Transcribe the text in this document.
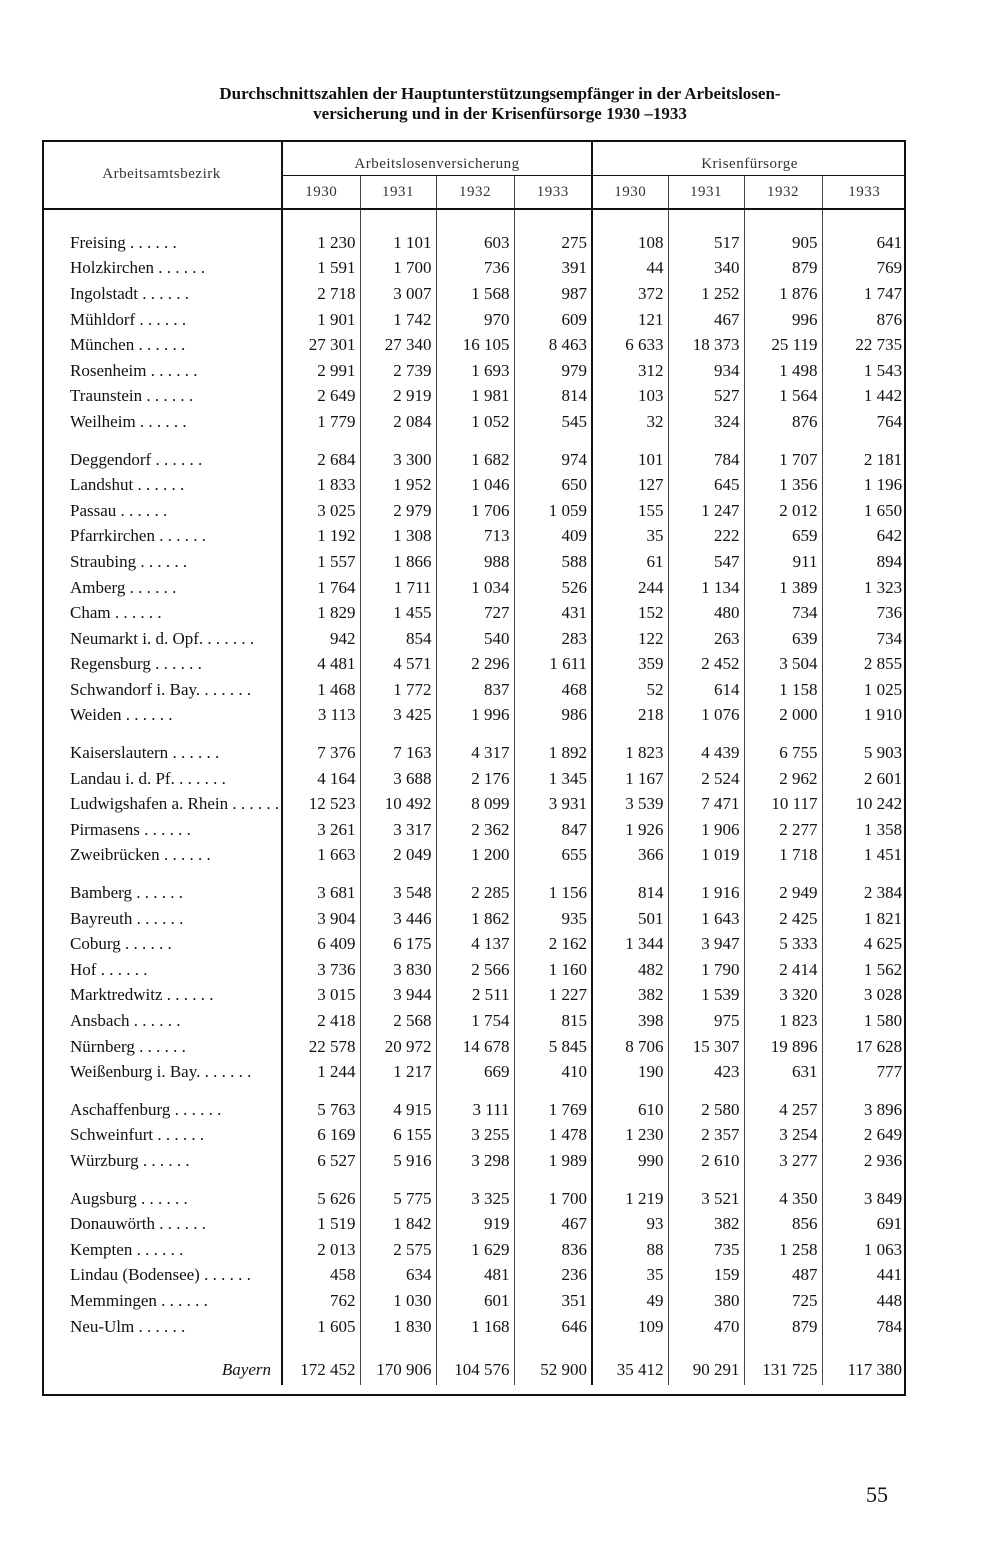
Durchschnittszahlen der Hauptunterstützungsempfänger in der Arbeitslosen-
versicherung und in der Krisenfürsorge 1930 –1933
Arbeitsamtsbezirk	Arbeitslosenversicherung				Krisenfürsorge			
	1930	1931	1932	1933	1930	1931	1932	1933

Freising . . . . . .	1 230	1 101	603	275	108	517	905	641
Holzkirchen . . . . . .	1 591	1 700	736	391	44	340	879	769
Ingolstadt . . . . . .	2 718	3 007	1 568	987	372	1 252	1 876	1 747
Mühldorf . . . . . .	1 901	1 742	970	609	121	467	996	876
München . . . . . .	27 301	27 340	16 105	8 463	6 633	18 373	25 119	22 735
Rosenheim . . . . . .	2 991	2 739	1 693	979	312	934	1 498	1 543
Traunstein . . . . . .	2 649	2 919	1 981	814	103	527	1 564	1 442
Weilheim . . . . . .	1 779	2 084	1 052	545	32	324	876	764

Deggendorf . . . . . .	2 684	3 300	1 682	974	101	784	1 707	2 181
Landshut . . . . . .	1 833	1 952	1 046	650	127	645	1 356	1 196
Passau . . . . . .	3 025	2 979	1 706	1 059	155	1 247	2 012	1 650
Pfarrkirchen . . . . . .	1 192	1 308	713	409	35	222	659	642
Straubing . . . . . .	1 557	1 866	988	588	61	547	911	894
Amberg . . . . . .	1 764	1 711	1 034	526	244	1 134	1 389	1 323
Cham . . . . . .	1 829	1 455	727	431	152	480	734	736
Neumarkt i. d. Opf. . . . . . .	942	854	540	283	122	263	639	734
Regensburg . . . . . .	4 481	4 571	2 296	1 611	359	2 452	3 504	2 855
Schwandorf i. Bay. . . . . . .	1 468	1 772	837	468	52	614	1 158	1 025
Weiden . . . . . .	3 113	3 425	1 996	986	218	1 076	2 000	1 910

Kaiserslautern . . . . . .	7 376	7 163	4 317	1 892	1 823	4 439	6 755	5 903
Landau i. d. Pf. . . . . . .	4 164	3 688	2 176	1 345	1 167	2 524	2 962	2 601
Ludwigshafen a. Rhein . . . . . .	12 523	10 492	8 099	3 931	3 539	7 471	10 117	10 242
Pirmasens . . . . . .	3 261	3 317	2 362	847	1 926	1 906	2 277	1 358
Zweibrücken . . . . . .	1 663	2 049	1 200	655	366	1 019	1 718	1 451

Bamberg . . . . . .	3 681	3 548	2 285	1 156	814	1 916	2 949	2 384
Bayreuth . . . . . .	3 904	3 446	1 862	935	501	1 643	2 425	1 821
Coburg . . . . . .	6 409	6 175	4 137	2 162	1 344	3 947	5 333	4 625
Hof . . . . . .	3 736	3 830	2 566	1 160	482	1 790	2 414	1 562
Marktredwitz . . . . . .	3 015	3 944	2 511	1 227	382	1 539	3 320	3 028
Ansbach . . . . . .	2 418	2 568	1 754	815	398	975	1 823	1 580
Nürnberg . . . . . .	22 578	20 972	14 678	5 845	8 706	15 307	19 896	17 628
Weißenburg i. Bay. . . . . . .	1 244	1 217	669	410	190	423	631	777

Aschaffenburg . . . . . .	5 763	4 915	3 111	1 769	610	2 580	4 257	3 896
Schweinfurt . . . . . .	6 169	6 155	3 255	1 478	1 230	2 357	3 254	2 649
Würzburg . . . . . .	6 527	5 916	3 298	1 989	990	2 610	3 277	2 936

Augsburg . . . . . .	5 626	5 775	3 325	1 700	1 219	3 521	4 350	3 849
Donauwörth . . . . . .	1 519	1 842	919	467	93	382	856	691
Kempten . . . . . .	2 013	2 575	1 629	836	88	735	1 258	1 063
Lindau (Bodensee) . . . . . .	458	634	481	236	35	159	487	441
Memmingen . . . . . .	762	1 030	601	351	49	380	725	448
Neu-Ulm . . . . . .	1 605	1 830	1 168	646	109	470	879	784

Bayern	172 452	170 906	104 576	52 900	35 412	90 291	131 725	117 380

55
